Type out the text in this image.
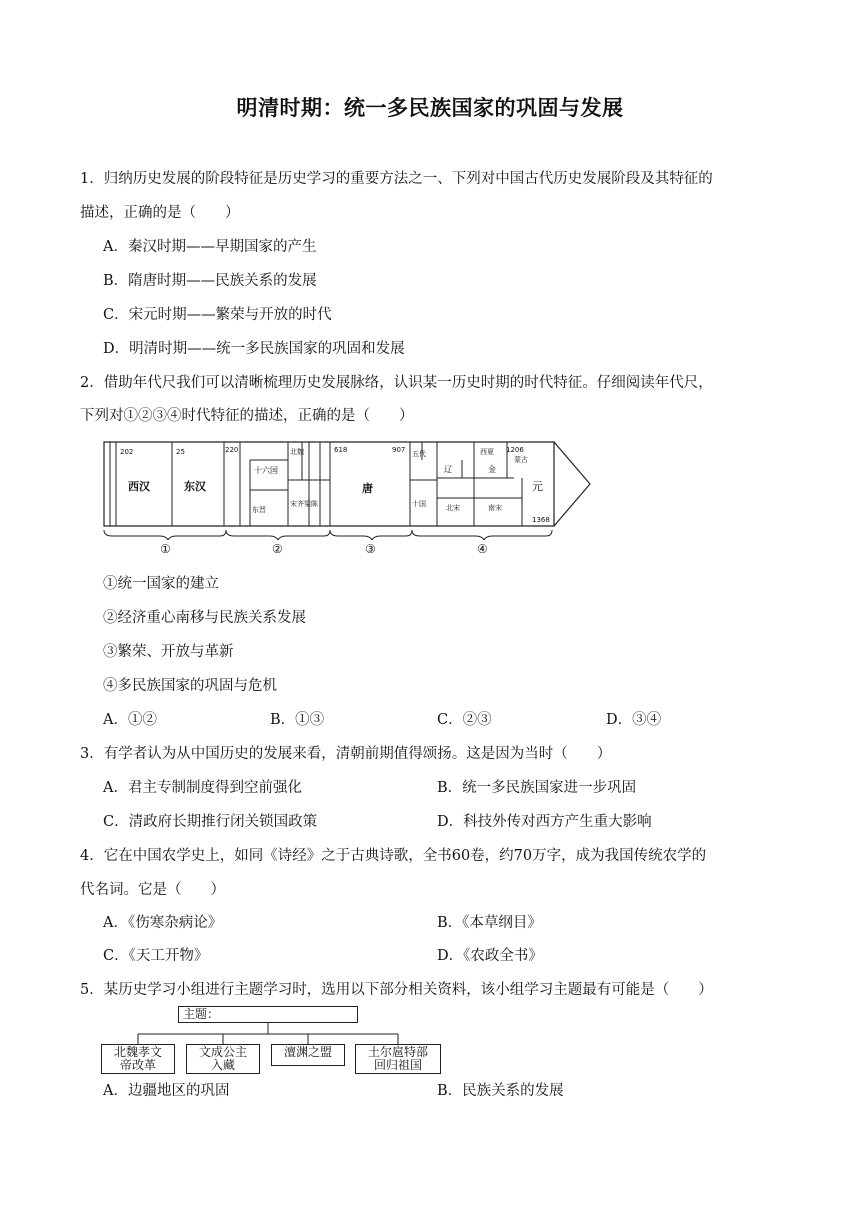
明清时期：统一多民族国家的巩固与发展
1．归纳历史发展的阶段特征是历史学习的重要方法之一、下列对中国古代历史发展阶段及其特征的
描述，正确的是（　　）
A．秦汉时期——早期国家的产生
B．隋唐时期——民族关系的发展
C．宋元时期——繁荣与开放的时代
D．明清时期——统一多民族国家的巩固和发展
2．借助年代尺我们可以清晰梳理历史发展脉络，认识某一历史时期的时代特征。仔细阅读年代尺，
下列对①②③④时代特征的描述，正确的是（　　）
202	25	220	618	907	1206
1368
西汉	东汉
十六国
北魏
东晋
宋齐梁陈
唐
五代
十国
辽
西夏
金
北宋	南宋
蒙古
元
①	②	③	④
①统一国家的建立
②经济重心南移与民族关系发展
③繁荣、开放与革新
④多民族国家的巩固与危机
A．①②	B．①③	C．②③	D．③④
3．有学者认为从中国历史的发展来看，清朝前期值得颂扬。这是因为当时（　　）
A．君主专制制度得到空前强化	B．统一多民族国家进一步巩固
C．清政府长期推行闭关锁国政策	D．科技外传对西方产生重大影响
4．它在中国农学史上，如同《诗经》之于古典诗歌，全书60卷，约70万字，成为我国传统农学的
代名词。它是（　　）
A．《伤寒杂病论》	B．《本草纲目》
C．《天工开物》	D．《农政全书》
5．某历史学习小组进行主题学习时，选用以下部分相关资料，该小组学习主题最有可能是（　　）
主题：
北魏孝文
帝改革
文成公主
入藏
澶渊之盟	土尔扈特部
回归祖国
A．边疆地区的巩固	B．民族关系的发展
